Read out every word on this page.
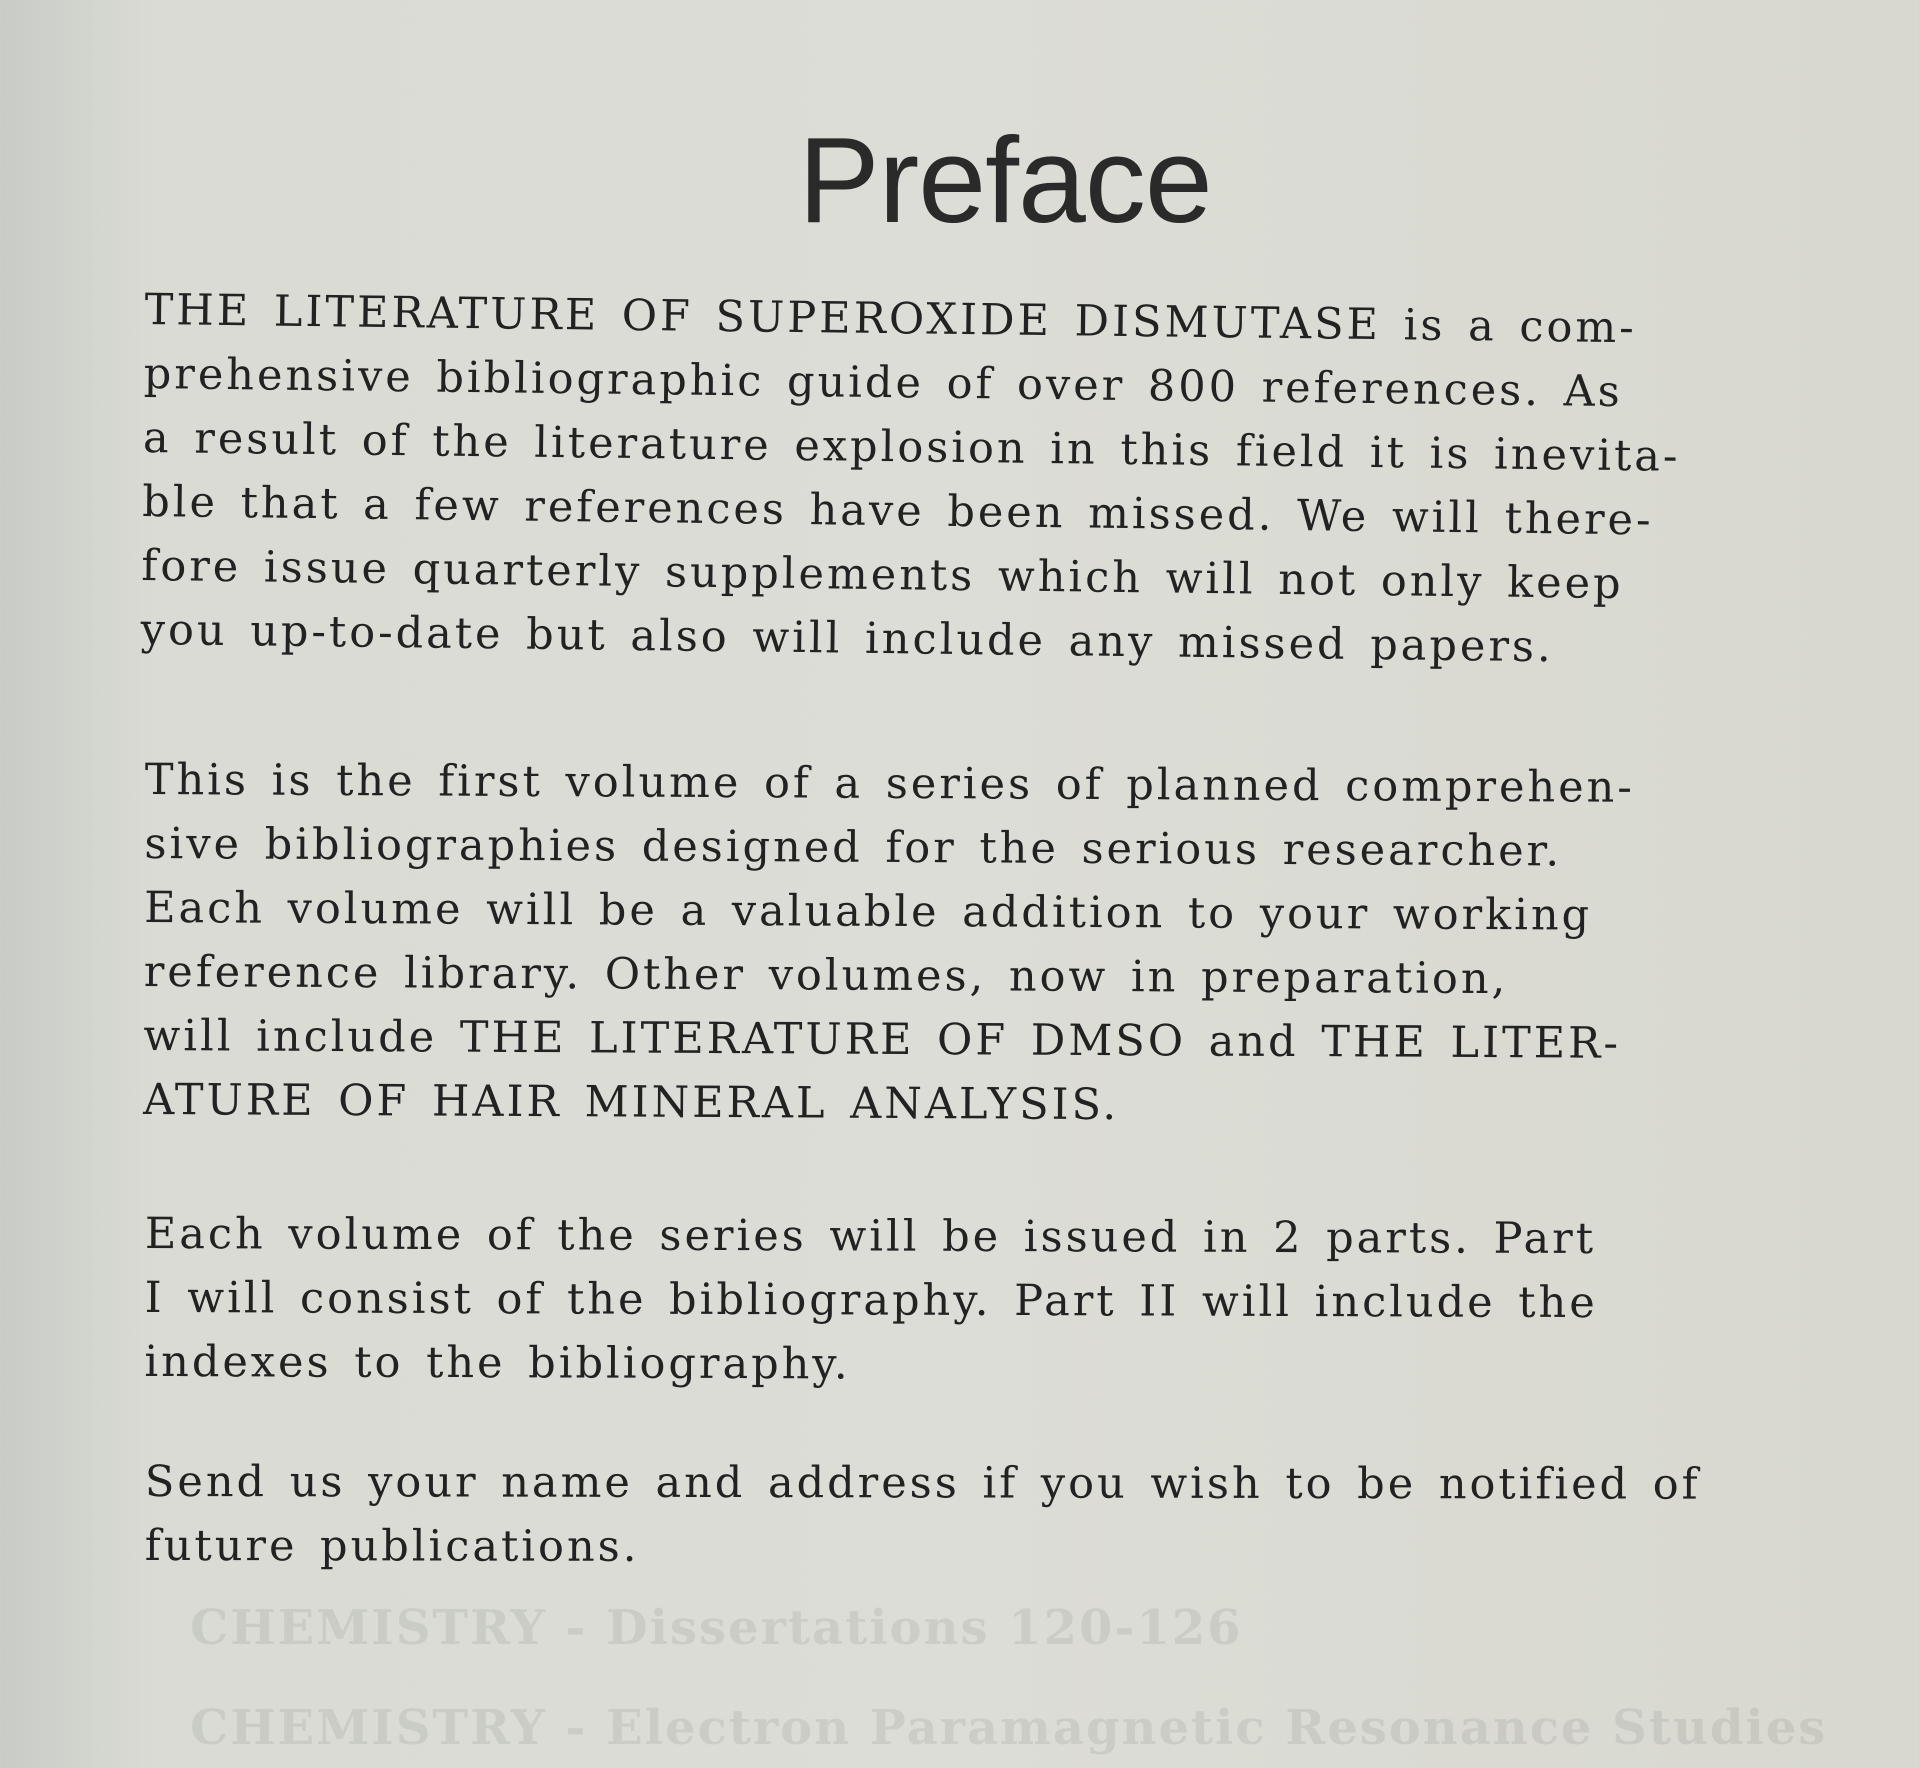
CHEMISTRY - Dissertations 120-126
CHEMISTRY - Electron Paramagnetic Resonance Studies
Preface
THE LITERATURE OF SUPEROXIDE DISMUTASE is a com-
prehensive bibliographic guide of over 800 references. As
a result of the literature explosion in this field it is inevita-
ble that a few references have been missed. We will there-
fore issue quarterly supplements which will not only keep
you up-to-date but also will include any missed papers.
This is the first volume of a series of planned comprehen-
sive bibliographies designed for the serious researcher.
Each volume will be a valuable addition to your working
reference library. Other volumes, now in preparation,
will include THE LITERATURE OF DMSO and THE LITER-
ATURE OF HAIR MINERAL ANALYSIS.
Each volume of the series will be issued in 2 parts. Part
I will consist of the bibliography. Part II will include the
indexes to the bibliography.
Send us your name and address if you wish to be notified of
future publications.
